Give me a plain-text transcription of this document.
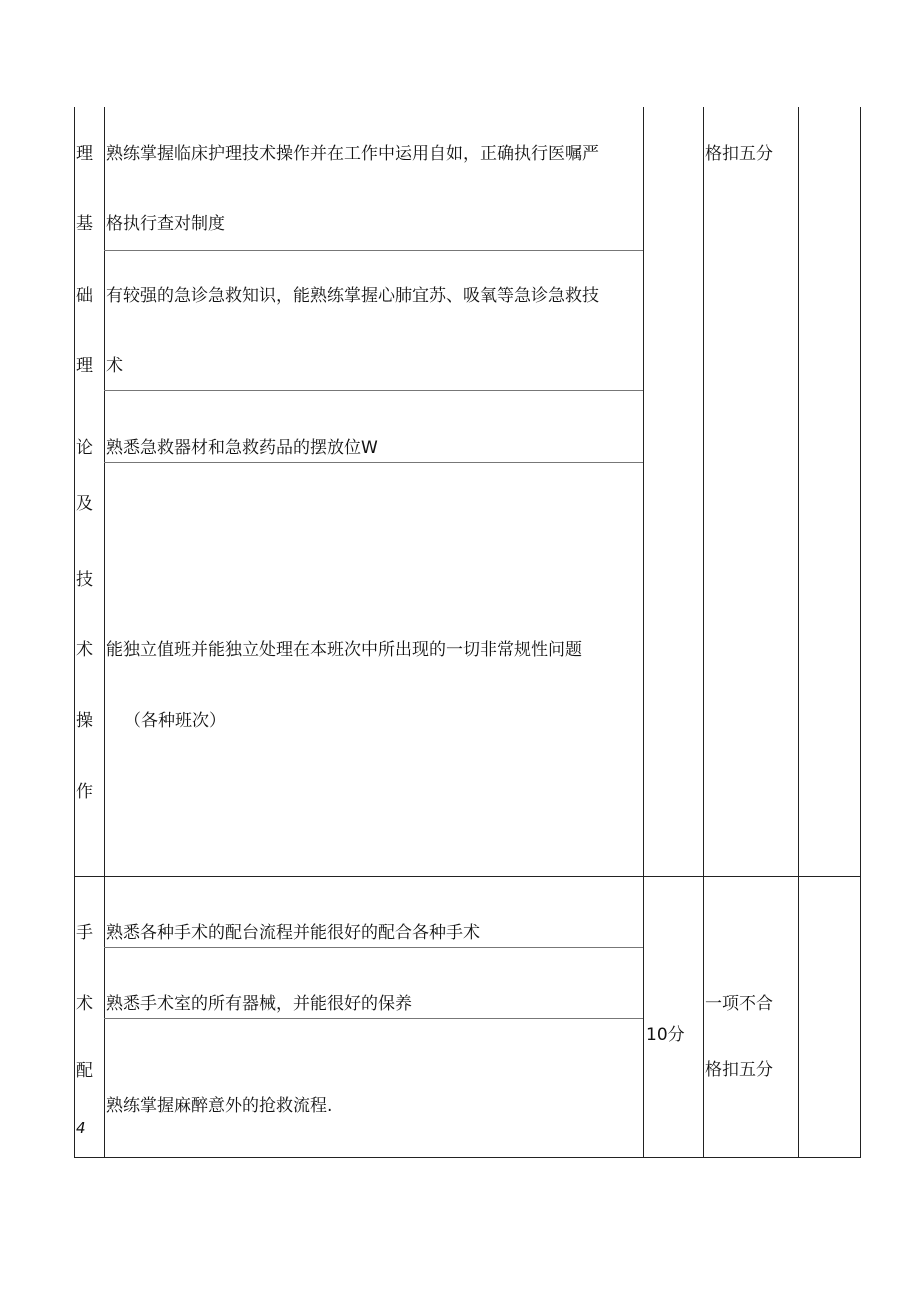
理
基
础
理
论
及
技
术
操
作
熟练掌握临床护理技术操作并在工作中运用自如，正确执行医嘱严
格执行查对制度
有较强的急诊急救知识，能熟练掌握心肺宜苏、吸氧等急诊急救技
术
熟悉急救器材和急救药品的摆放位W
能独立值班并能独立处理在本班次中所出现的一切非常规性问题
（各种班次）
格扣五分
手
术
配
4
熟悉各种手术的配台流程并能很好的配合各种手术
熟悉手术室的所有器械，并能很好的保养
熟练掌握麻醉意外的抢救流程.
10分
一项不合
格扣五分
